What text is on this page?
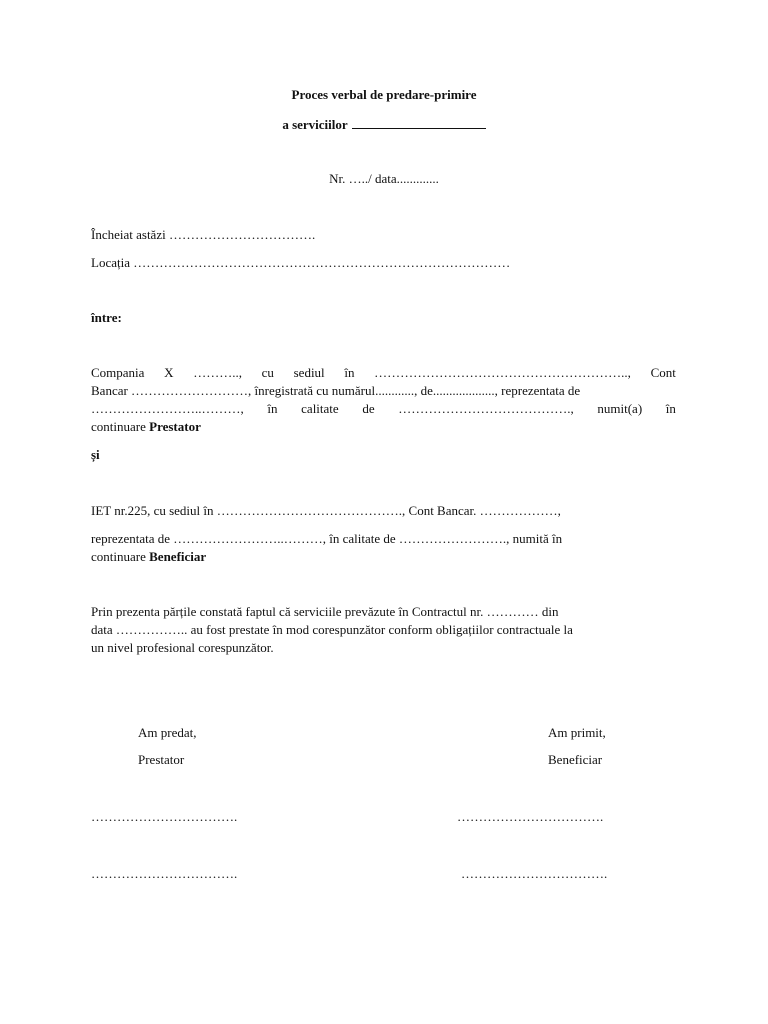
Proces verbal de predare-primire
a serviciilor
Nr. …../ data.............
Încheiat astăzi …………………………….
Locația ……………………………………………………………………………
între:
Compania X ……….., cu sediul în ………………………………………………….., Cont
Bancar ………………………, înregistrată cu numărul............, de..................., reprezentata de
……………………..………, în calitate de …………………………………., numit(a) în
continuare Prestator
și
IET nr.225, cu sediul în ……………………………………., Cont Bancar. ………………,
reprezentata de ……………………..………, în calitate de ……………………., numită în
continuare Beneficiar
Prin prezenta părțile constată faptul că serviciile prevăzute în Contractul nr. ………… din
data …………….. au fost prestate în mod corespunzător conform obligațiilor contractuale la
un nivel profesional corespunzător.
Am predat,
Prestator
Am primit,
Beneficiar
…………………………….	…………………………….
…………………………….	…………………………….
